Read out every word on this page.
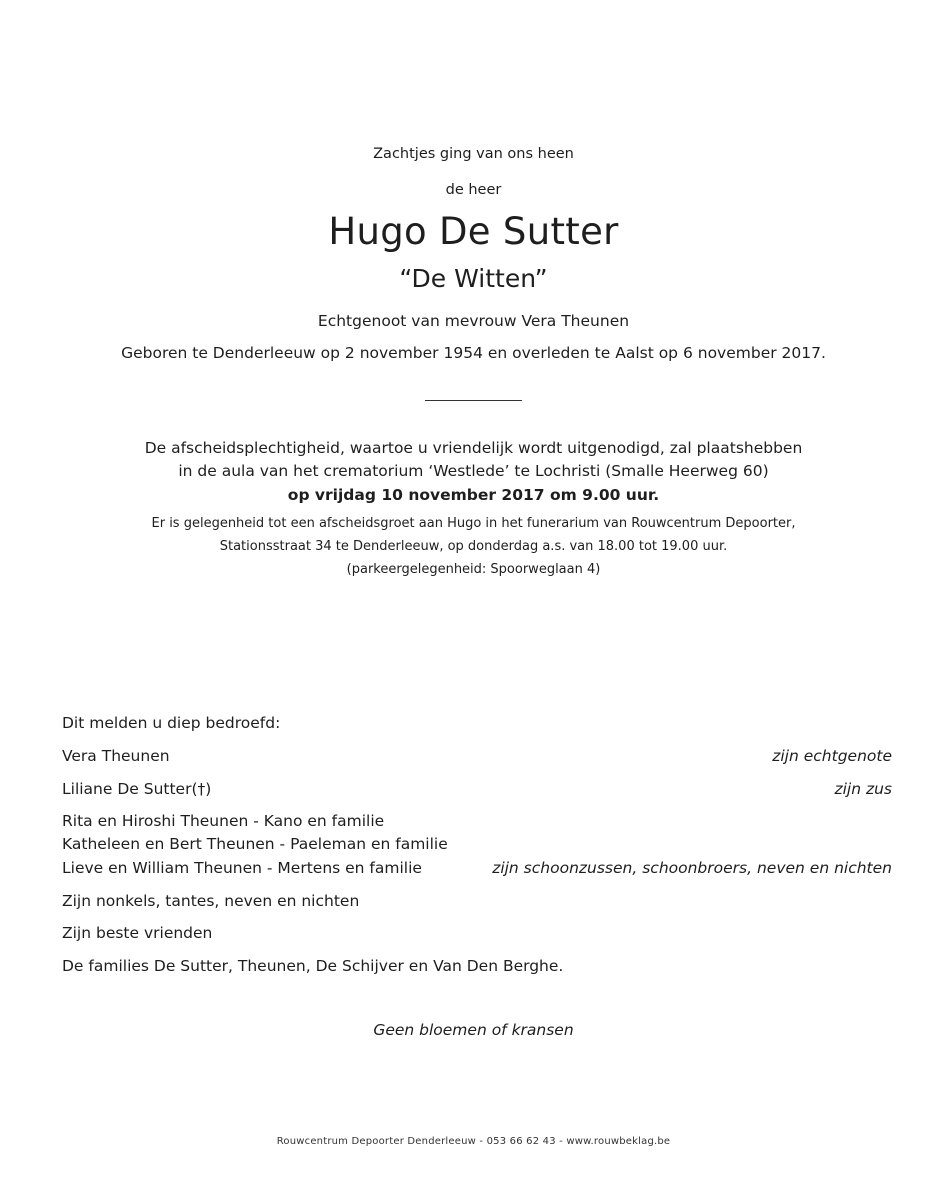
Zachtjes ging van ons heen
de heer
Hugo De Sutter
“De Witten”
Echtgenoot van mevrouw Vera Theunen
Geboren te Denderleeuw op 2 november 1954 en overleden te Aalst op 6 november 2017.
De afscheidsplechtigheid, waartoe u vriendelijk wordt uitgenodigd, zal plaatshebben
in de aula van het crematorium ‘Westlede’ te Lochristi (Smalle Heerweg 60)
op vrijdag 10 november 2017 om 9.00 uur.
Er is gelegenheid tot een afscheidsgroet aan Hugo in het funerarium van Rouwcentrum Depoorter,
Stationsstraat 34 te Denderleeuw, op donderdag a.s. van 18.00 tot 19.00 uur.
(parkeergelegenheid: Spoorweglaan 4)
Dit melden u diep bedroefd:
Vera Theunen	zijn echtgenote
Liliane De Sutter(†)	zijn zus
Rita en Hiroshi Theunen - Kano en familie
Katheleen en Bert Theunen - Paeleman en familie
Lieve en William Theunen - Mertens en familie	zijn schoonzussen, schoonbroers, neven en nichten
Zijn nonkels, tantes, neven en nichten
Zijn beste vrienden
De families De Sutter, Theunen, De Schijver en Van Den Berghe.
Geen bloemen of kransen
Rouwcentrum Depoorter Denderleeuw - 053 66 62 43 - www.rouwbeklag.be
